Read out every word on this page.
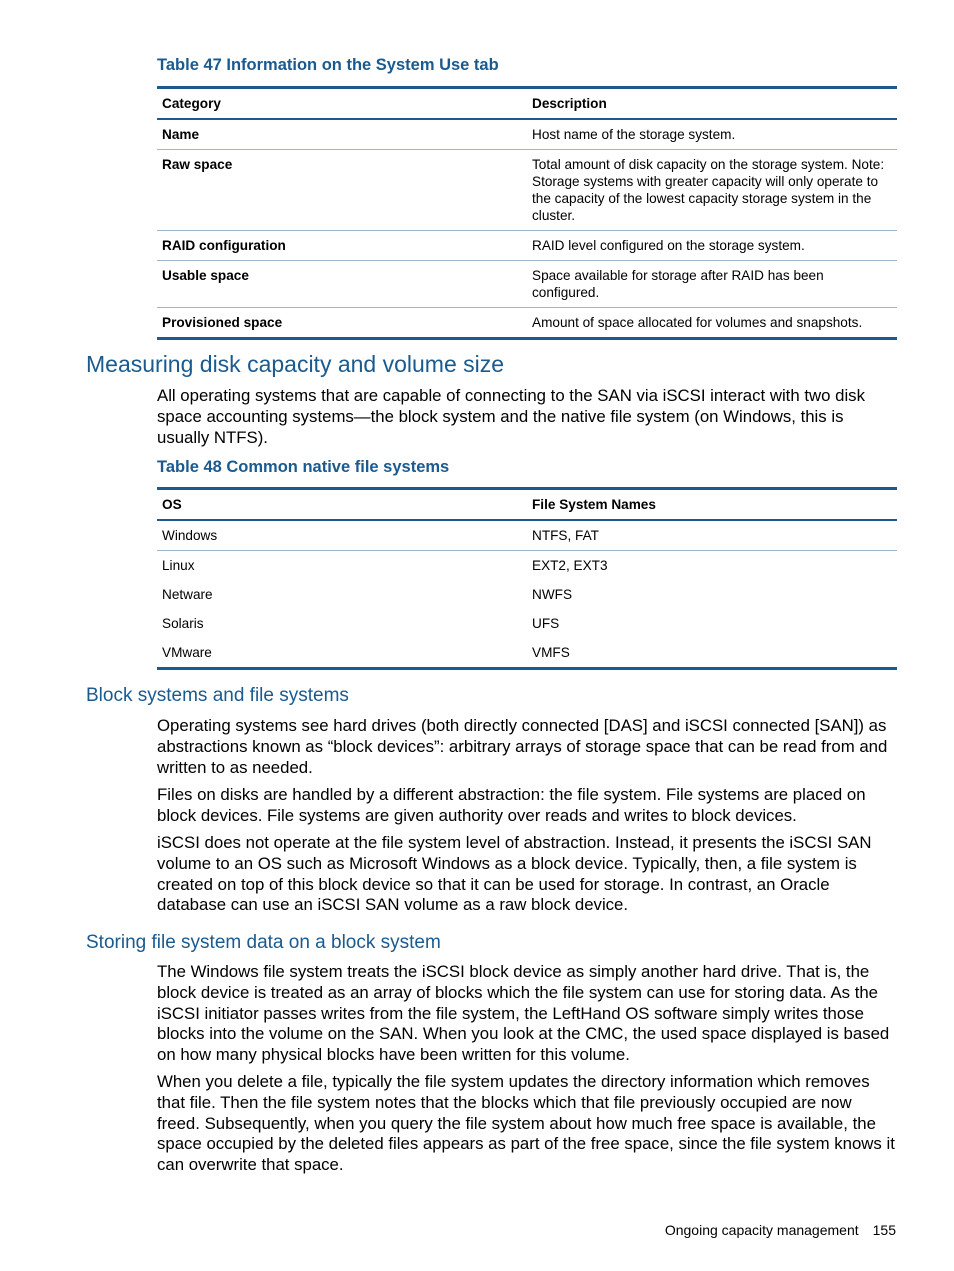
Table 47 Information on the System Use tab
Category	Description
Name	Host name of the storage system.
Raw space	Total amount of disk capacity on the storage system. Note: Storage systems with greater capacity will only operate to the capacity of the lowest capacity storage system in the cluster.
RAID configuration	RAID level configured on the storage system.
Usable space	Space available for storage after RAID has been configured.
Provisioned space	Amount of space allocated for volumes and snapshots.
Measuring disk capacity and volume size

All operating systems that are capable of connecting to the SAN via iSCSI interact with two disk space accounting systems—the block system and the native file system (on Windows, this is usually NTFS).

Table 48 Common native file systems
OS	File System Names
Windows	NTFS, FAT
Linux	EXT2, EXT3
Netware	NWFS
Solaris	UFS
VMware	VMFS
Block systems and file systems

Operating systems see hard drives (both directly connected [DAS] and iSCSI connected [SAN]) as abstractions known as “block devices”: arbitrary arrays of storage space that can be read from and written to as needed.

Files on disks are handled by a different abstraction: the file system. File systems are placed on block devices. File systems are given authority over reads and writes to block devices.

iSCSI does not operate at the file system level of abstraction. Instead, it presents the iSCSI SAN volume to an OS such as Microsoft Windows as a block device. Typically, then, a file system is created on top of this block device so that it can be used for storage. In contrast, an Oracle database can use an iSCSI SAN volume as a raw block device.

Storing file system data on a block system

The Windows file system treats the iSCSI block device as simply another hard drive. That is, the block device is treated as an array of blocks which the file system can use for storing data. As the iSCSI initiator passes writes from the file system, the LeftHand OS software simply writes those blocks into the volume on the SAN. When you look at the CMC, the used space displayed is based on how many physical blocks have been written for this volume.

When you delete a file, typically the file system updates the directory information which removes that file. Then the file system notes that the blocks which that file previously occupied are now freed. Subsequently, when you query the file system about how much free space is available, the space occupied by the deleted files appears as part of the free space, since the file system knows it can overwrite that space.

Ongoing capacity management 155
